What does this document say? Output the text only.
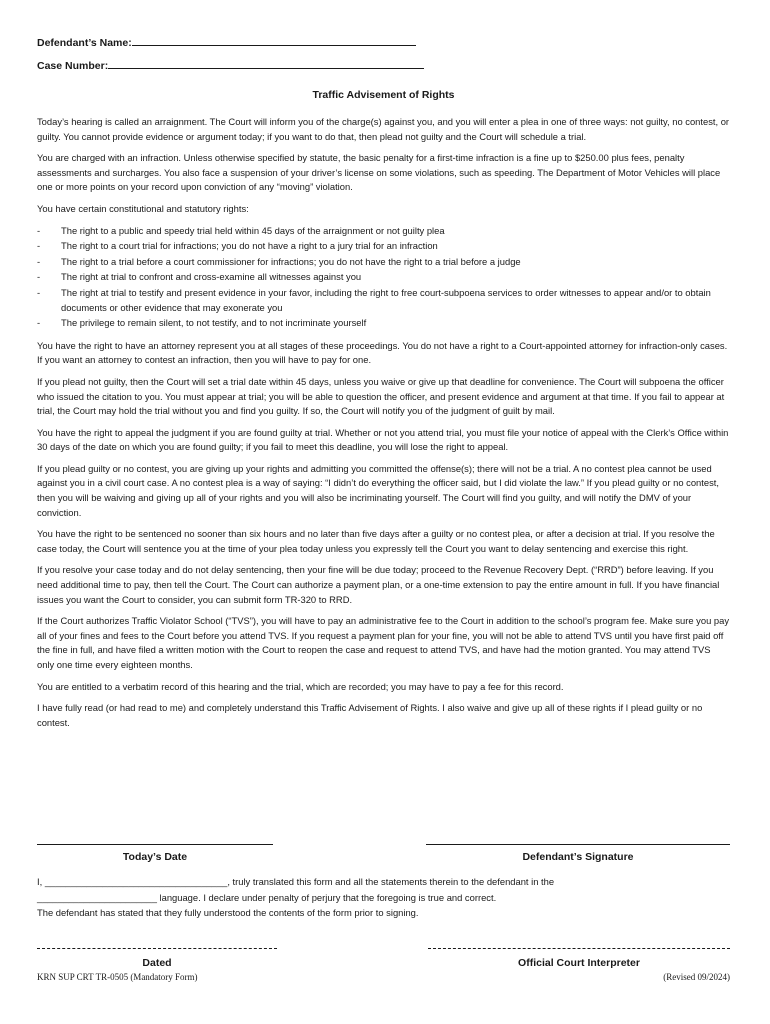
Defendant’s Name:
Case Number:
Traffic Advisement of Rights

Today’s hearing is called an arraignment. The Court will inform you of the charge(s) against you, and you will enter a plea in one of three ways: not guilty, no contest, or guilty. You cannot provide evidence or argument today; if you want to do that, then plead not guilty and the Court will schedule a trial.

You are charged with an infraction. Unless otherwise specified by statute, the basic penalty for a first-time infraction is a fine up to $250.00 plus fees, penalty assessments and surcharges. You also face a suspension of your driver’s license on some violations, such as speeding. The Department of Motor Vehicles will place one or more points on your record upon conviction of any “moving” violation.

You have certain constitutional and statutory rights:

- The right to a public and speedy trial held within 45 days of the arraignment or not guilty plea
- The right to a court trial for infractions; you do not have a right to a jury trial for an infraction
- The right to a trial before a court commissioner for infractions; you do not have the right to a trial before a judge
- The right at trial to confront and cross-examine all witnesses against you
- The right at trial to testify and present evidence in your favor, including the right to free court-subpoena services to order witnesses to appear and/or to obtain documents or other evidence that may exonerate you
- The privilege to remain silent, to not testify, and to not incriminate yourself

You have the right to have an attorney represent you at all stages of these proceedings. You do not have a right to a Court-appointed attorney for infraction-only cases. If you want an attorney to contest an infraction, then you will have to pay for one.

If you plead not guilty, then the Court will set a trial date within 45 days, unless you waive or give up that deadline for convenience. The Court will subpoena the officer who issued the citation to you. You must appear at trial; you will be able to question the officer, and present evidence and argument at that time. If you fail to appear at trial, the Court may hold the trial without you and find you guilty. If so, the Court will notify you of the judgment of guilt by mail.

You have the right to appeal the judgment if you are found guilty at trial. Whether or not you attend trial, you must file your notice of appeal with the Clerk’s Office within 30 days of the date on which you are found guilty; if you fail to meet this deadline, you will lose the right to appeal.

If you plead guilty or no contest, you are giving up your rights and admitting you committed the offense(s); there will not be a trial. A no contest plea cannot be used against you in a civil court case. A no contest plea is a way of saying: “I didn’t do everything the officer said, but I did violate the law.” If you plead guilty or no contest, then you will be waiving and giving up all of your rights and you will also be incriminating yourself. The Court will find you guilty, and will notify the DMV of your conviction.

You have the right to be sentenced no sooner than six hours and no later than five days after a guilty or no contest plea, or after a decision at trial. If you resolve the case today, the Court will sentence you at the time of your plea today unless you expressly tell the Court you want to delay sentencing and exercise this right.

If you resolve your case today and do not delay sentencing, then your fine will be due today; proceed to the Revenue Recovery Dept. (“RRD”) before leaving. If you need additional time to pay, then tell the Court. The Court can authorize a payment plan, or a one-time extension to pay the entire amount in full. If you have financial issues you want the Court to consider, you can submit form TR-320 to RRD.

If the Court authorizes Traffic Violator School (“TVS”), you will have to pay an administrative fee to the Court in addition to the school’s program fee. Make sure you pay all of your fines and fees to the Court before you attend TVS. If you request a payment plan for your fine, you will not be able to attend TVS until you have first paid off the fine in full, and have filed a written motion with the Court to reopen the case and request to attend TVS, and have had the motion granted. You may attend TVS only one time every eighteen months.

You are entitled to a verbatim record of this hearing and the trial, which are recorded; you may have to pay a fee for this record.

I have fully read (or had read to me) and completely understand this Traffic Advisement of Rights. I also waive and give up all of these rights if I plead guilty or no contest.

Today’s Date	Defendant’s Signature

I, ___________________________________, truly translated this form and all the statements therein to the defendant in the

_______________________ language. I declare under penalty of perjury that the foregoing is true and correct.

The defendant has stated that they fully understood the contents of the form prior to signing.

Dated	Official Court Interpreter
KRN SUP CRT TR-0505 (Mandatory Form)	(Revised 09/2024)
